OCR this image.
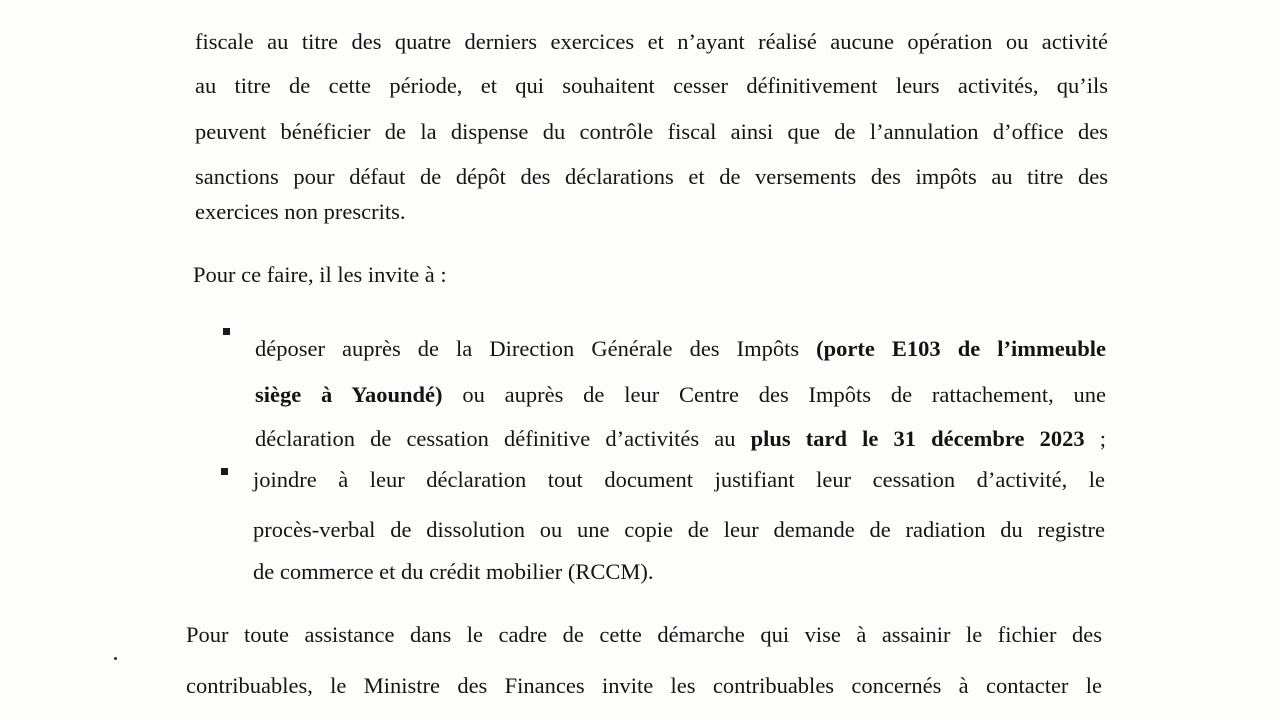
fiscale au titre des quatre derniers exercices et n’ayant réalisé aucune opération ou activité
au titre de cette période, et qui souhaitent cesser définitivement leurs activités, qu’ils
peuvent bénéficier de la dispense du contrôle fiscal ainsi que de l’annulation d’office des
sanctions pour défaut de dépôt des déclarations et de versements des impôts au titre des
exercices non prescrits.
Pour ce faire, il les invite à :
déposer auprès de la Direction Générale des Impôts (porte E103 de l’immeuble
siège à Yaoundé) ou auprès de leur Centre des Impôts de rattachement, une
déclaration de cessation définitive d’activités au plus tard le 31 décembre 2023 ;
joindre à leur déclaration tout document justifiant leur cessation d’activité, le
procès-verbal de dissolution ou une copie de leur demande de radiation du registre
de commerce et du crédit mobilier (RCCM).
Pour toute assistance dans le cadre de cette démarche qui vise à assainir le fichier des
contribuables, le Ministre des Finances invite les contribuables concernés à contacter le
